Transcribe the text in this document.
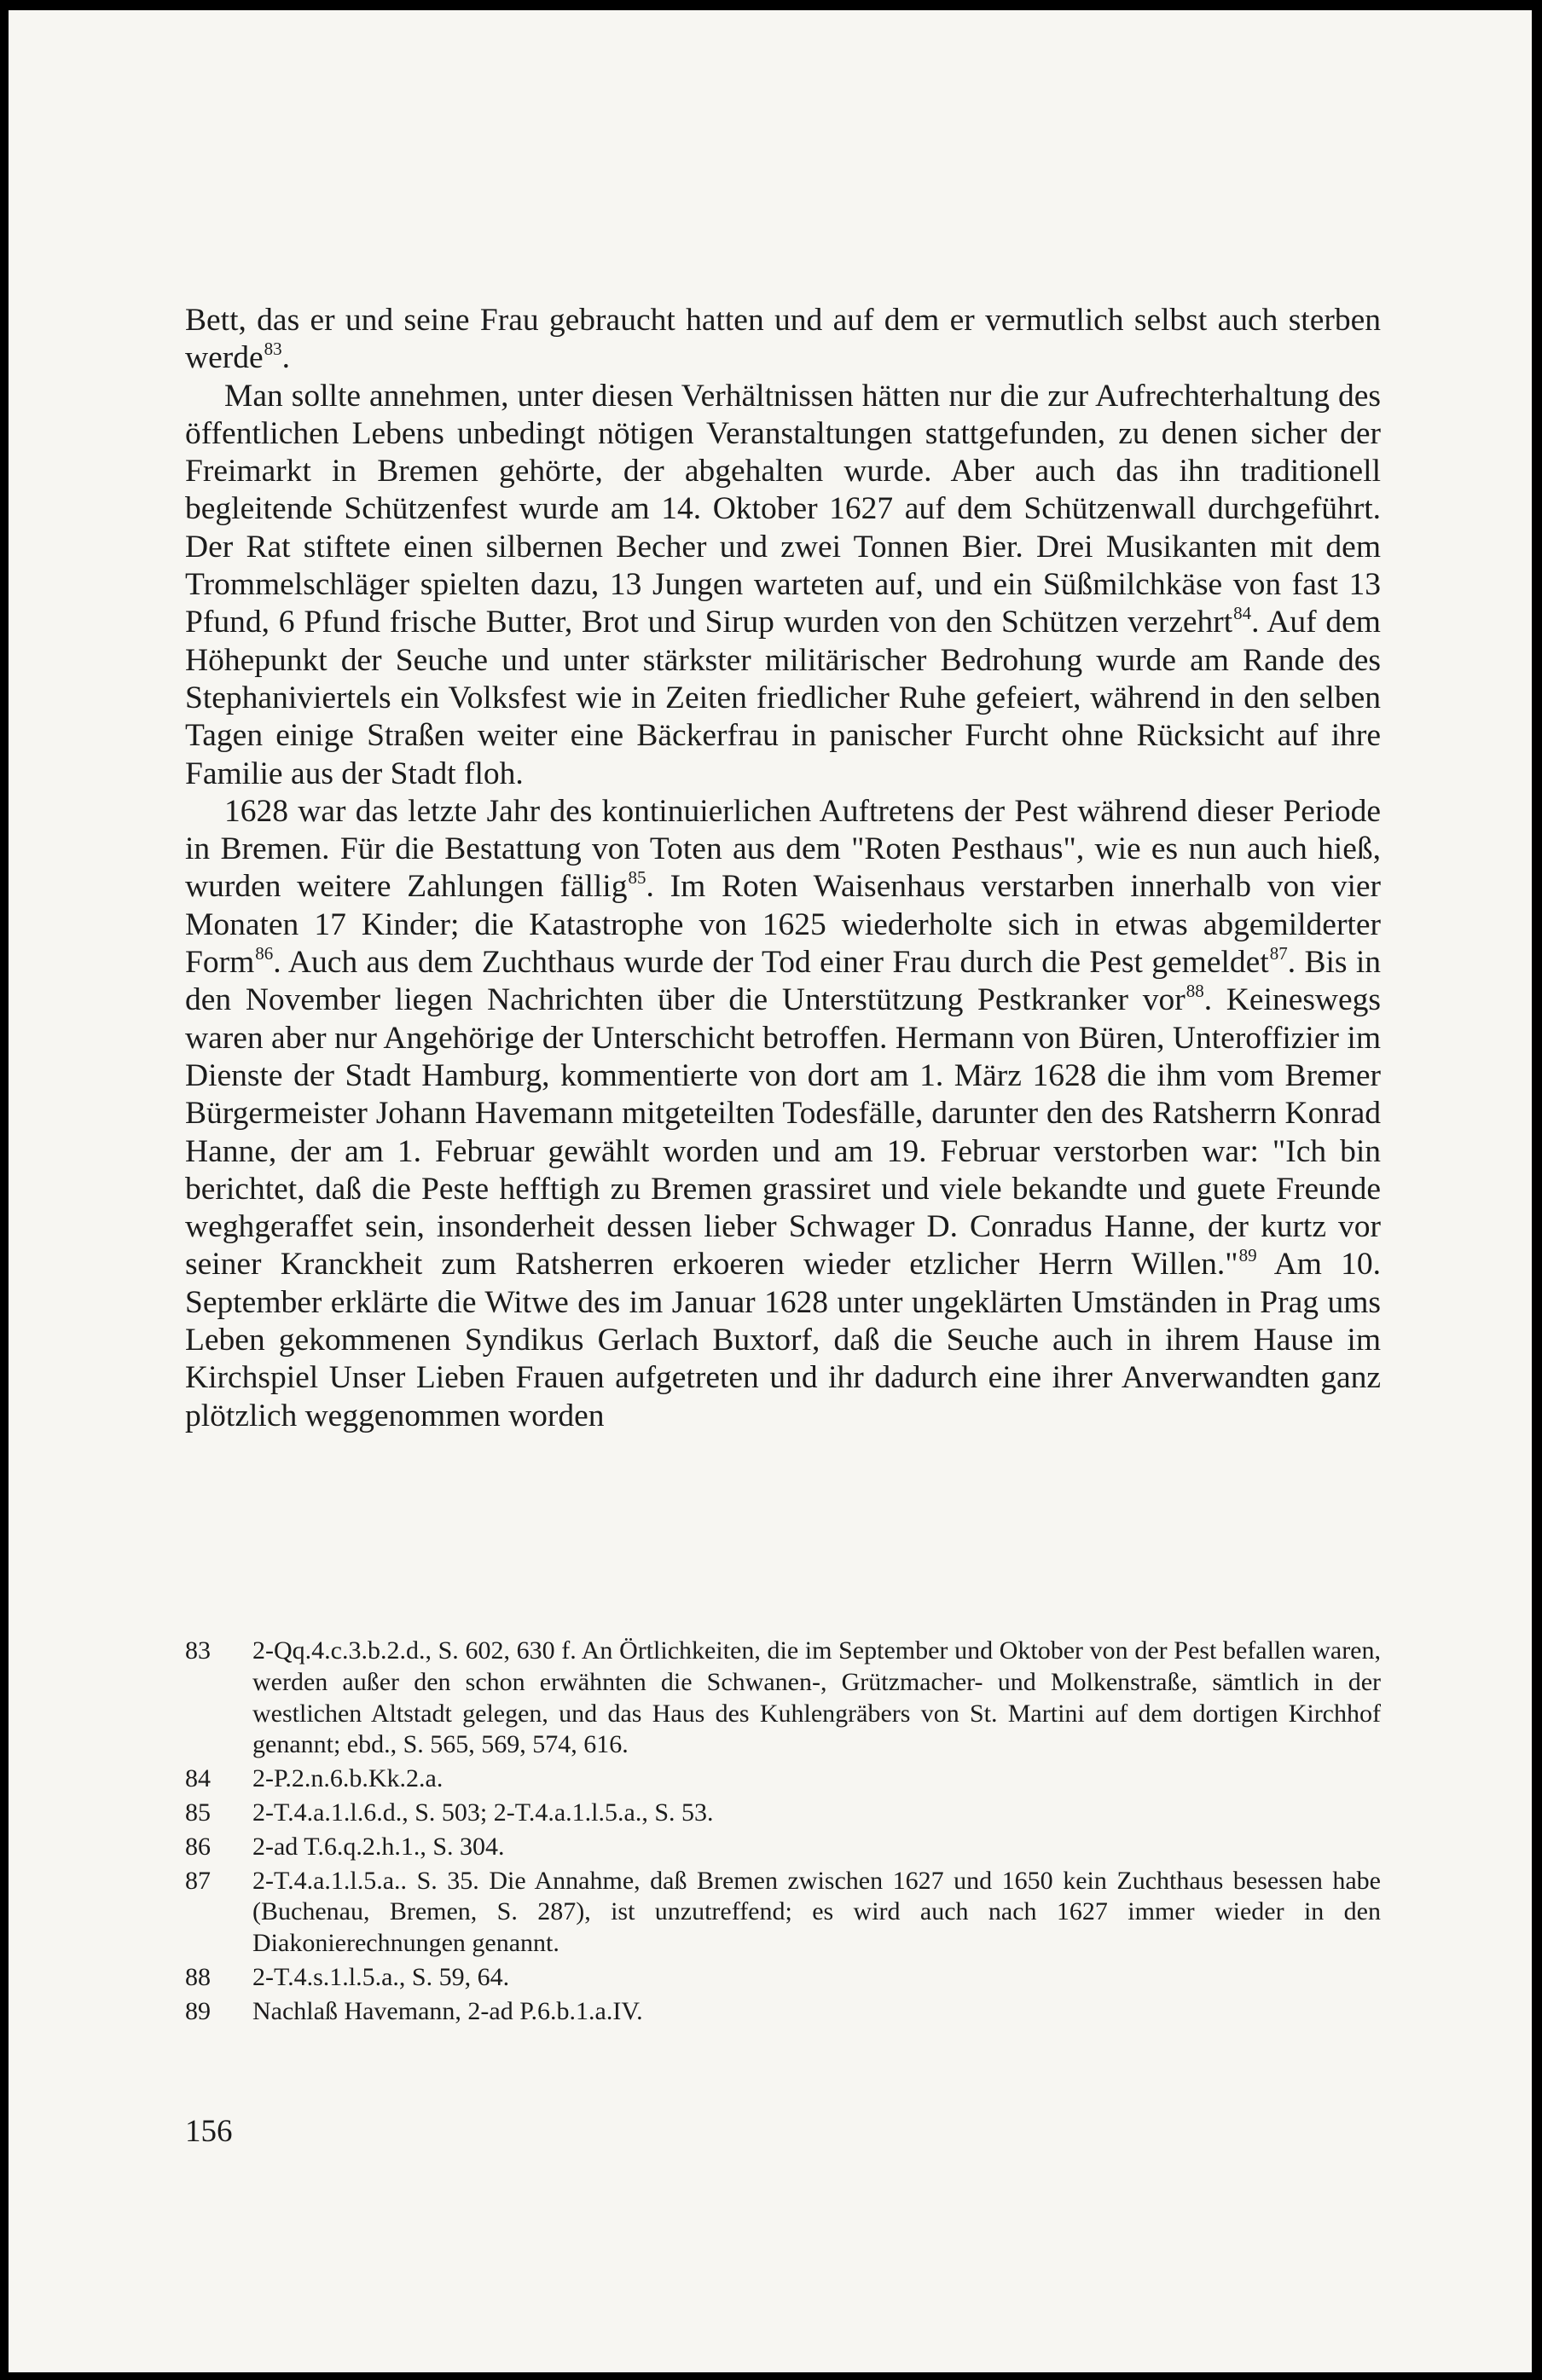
Bett, das er und seine Frau gebraucht hatten und auf dem er vermutlich selbst auch sterben werde$^{83}$.

Man sollte annehmen, unter diesen Verhältnissen hätten nur die zur Aufrechterhaltung des öffentlichen Lebens unbedingt nötigen Veranstaltungen stattgefunden, zu denen sicher der Freimarkt in Bremen gehörte, der abgehalten wurde. Aber auch das ihn traditionell begleitende Schützenfest wurde am 14. Oktober 1627 auf dem Schützenwall durchgeführt. Der Rat stiftete einen silbernen Becher und zwei Tonnen Bier. Drei Musikanten mit dem Trommelschläger spielten dazu, 13 Jungen warteten auf, und ein Süßmilchkäse von fast 13 Pfund, 6 Pfund frische Butter, Brot und Sirup wurden von den Schützen verzehrt$^{84}$. Auf dem Höhepunkt der Seuche und unter stärkster militärischer Bedrohung wurde am Rande des Stephaniviertels ein Volksfest wie in Zeiten friedlicher Ruhe gefeiert, während in den selben Tagen einige Straßen weiter eine Bäckerfrau in panischer Furcht ohne Rücksicht auf ihre Familie aus der Stadt floh.

1628 war das letzte Jahr des kontinuierlichen Auftretens der Pest während dieser Periode in Bremen. Für die Bestattung von Toten aus dem "Roten Pesthaus", wie es nun auch hieß, wurden weitere Zahlungen fällig$^{85}$. Im Roten Waisenhaus verstarben innerhalb von vier Monaten 17 Kinder; die Katastrophe von 1625 wiederholte sich in etwas abgemilderter Form$^{86}$. Auch aus dem Zuchthaus wurde der Tod einer Frau durch die Pest gemeldet$^{87}$. Bis in den November liegen Nachrichten über die Unterstützung Pestkranker vor$^{88}$. Keineswegs waren aber nur Angehörige der Unterschicht betroffen. Hermann von Büren, Unteroffizier im Dienste der Stadt Hamburg, kommentierte von dort am 1. März 1628 die ihm vom Bremer Bürgermeister Johann Havemann mitgeteilten Todesfälle, darunter den des Ratsherrn Konrad Hanne, der am 1. Februar gewählt worden und am 19. Februar verstorben war: "Ich bin berichtet, daß die Peste hefftigh zu Bremen grassiret und viele bekandte und guete Freunde weghgeraffet sein, insonderheit dessen lieber Schwager D. Conradus Hanne, der kurtz vor seiner Kranckheit zum Ratsherren erkoeren wieder etzlicher Herrn Willen."$^{89}$ Am 10. September erklärte die Witwe des im Januar 1628 unter ungeklärten Umständen in Prag ums Leben gekommenen Syndikus Gerlach Buxtorf, daß die Seuche auch in ihrem Hause im Kirchspiel Unser Lieben Frauen aufgetreten und ihr dadurch eine ihrer Anverwandten ganz plötzlich weggenommen worden

83	2-Qq.4.c.3.b.2.d., S. 602, 630 f. An Örtlichkeiten, die im September und Oktober von der Pest befallen waren, werden außer den schon erwähnten die Schwanen-, Grützmacher- und Molkenstraße, sämtlich in der westlichen Altstadt gelegen, und das Haus des Kuhlengräbers von St. Martini auf dem dortigen Kirchhof genannt; ebd., S. 565, 569, 574, 616.
84	2-P.2.n.6.b.Kk.2.a.
85	2-T.4.a.1.l.6.d., S. 503; 2-T.4.a.1.l.5.a., S. 53.
86	2-ad T.6.q.2.h.1., S. 304.
87	2-T.4.a.1.l.5.a.. S. 35. Die Annahme, daß Bremen zwischen 1627 und 1650 kein Zuchthaus besessen habe (Buchenau, Bremen, S. 287), ist unzutreffend; es wird auch nach 1627 immer wieder in den Diakonierechnungen genannt.
88	2-T.4.s.1.l.5.a., S. 59, 64.
89	Nachlaß Havemann, 2-ad P.6.b.1.a.IV.
156
